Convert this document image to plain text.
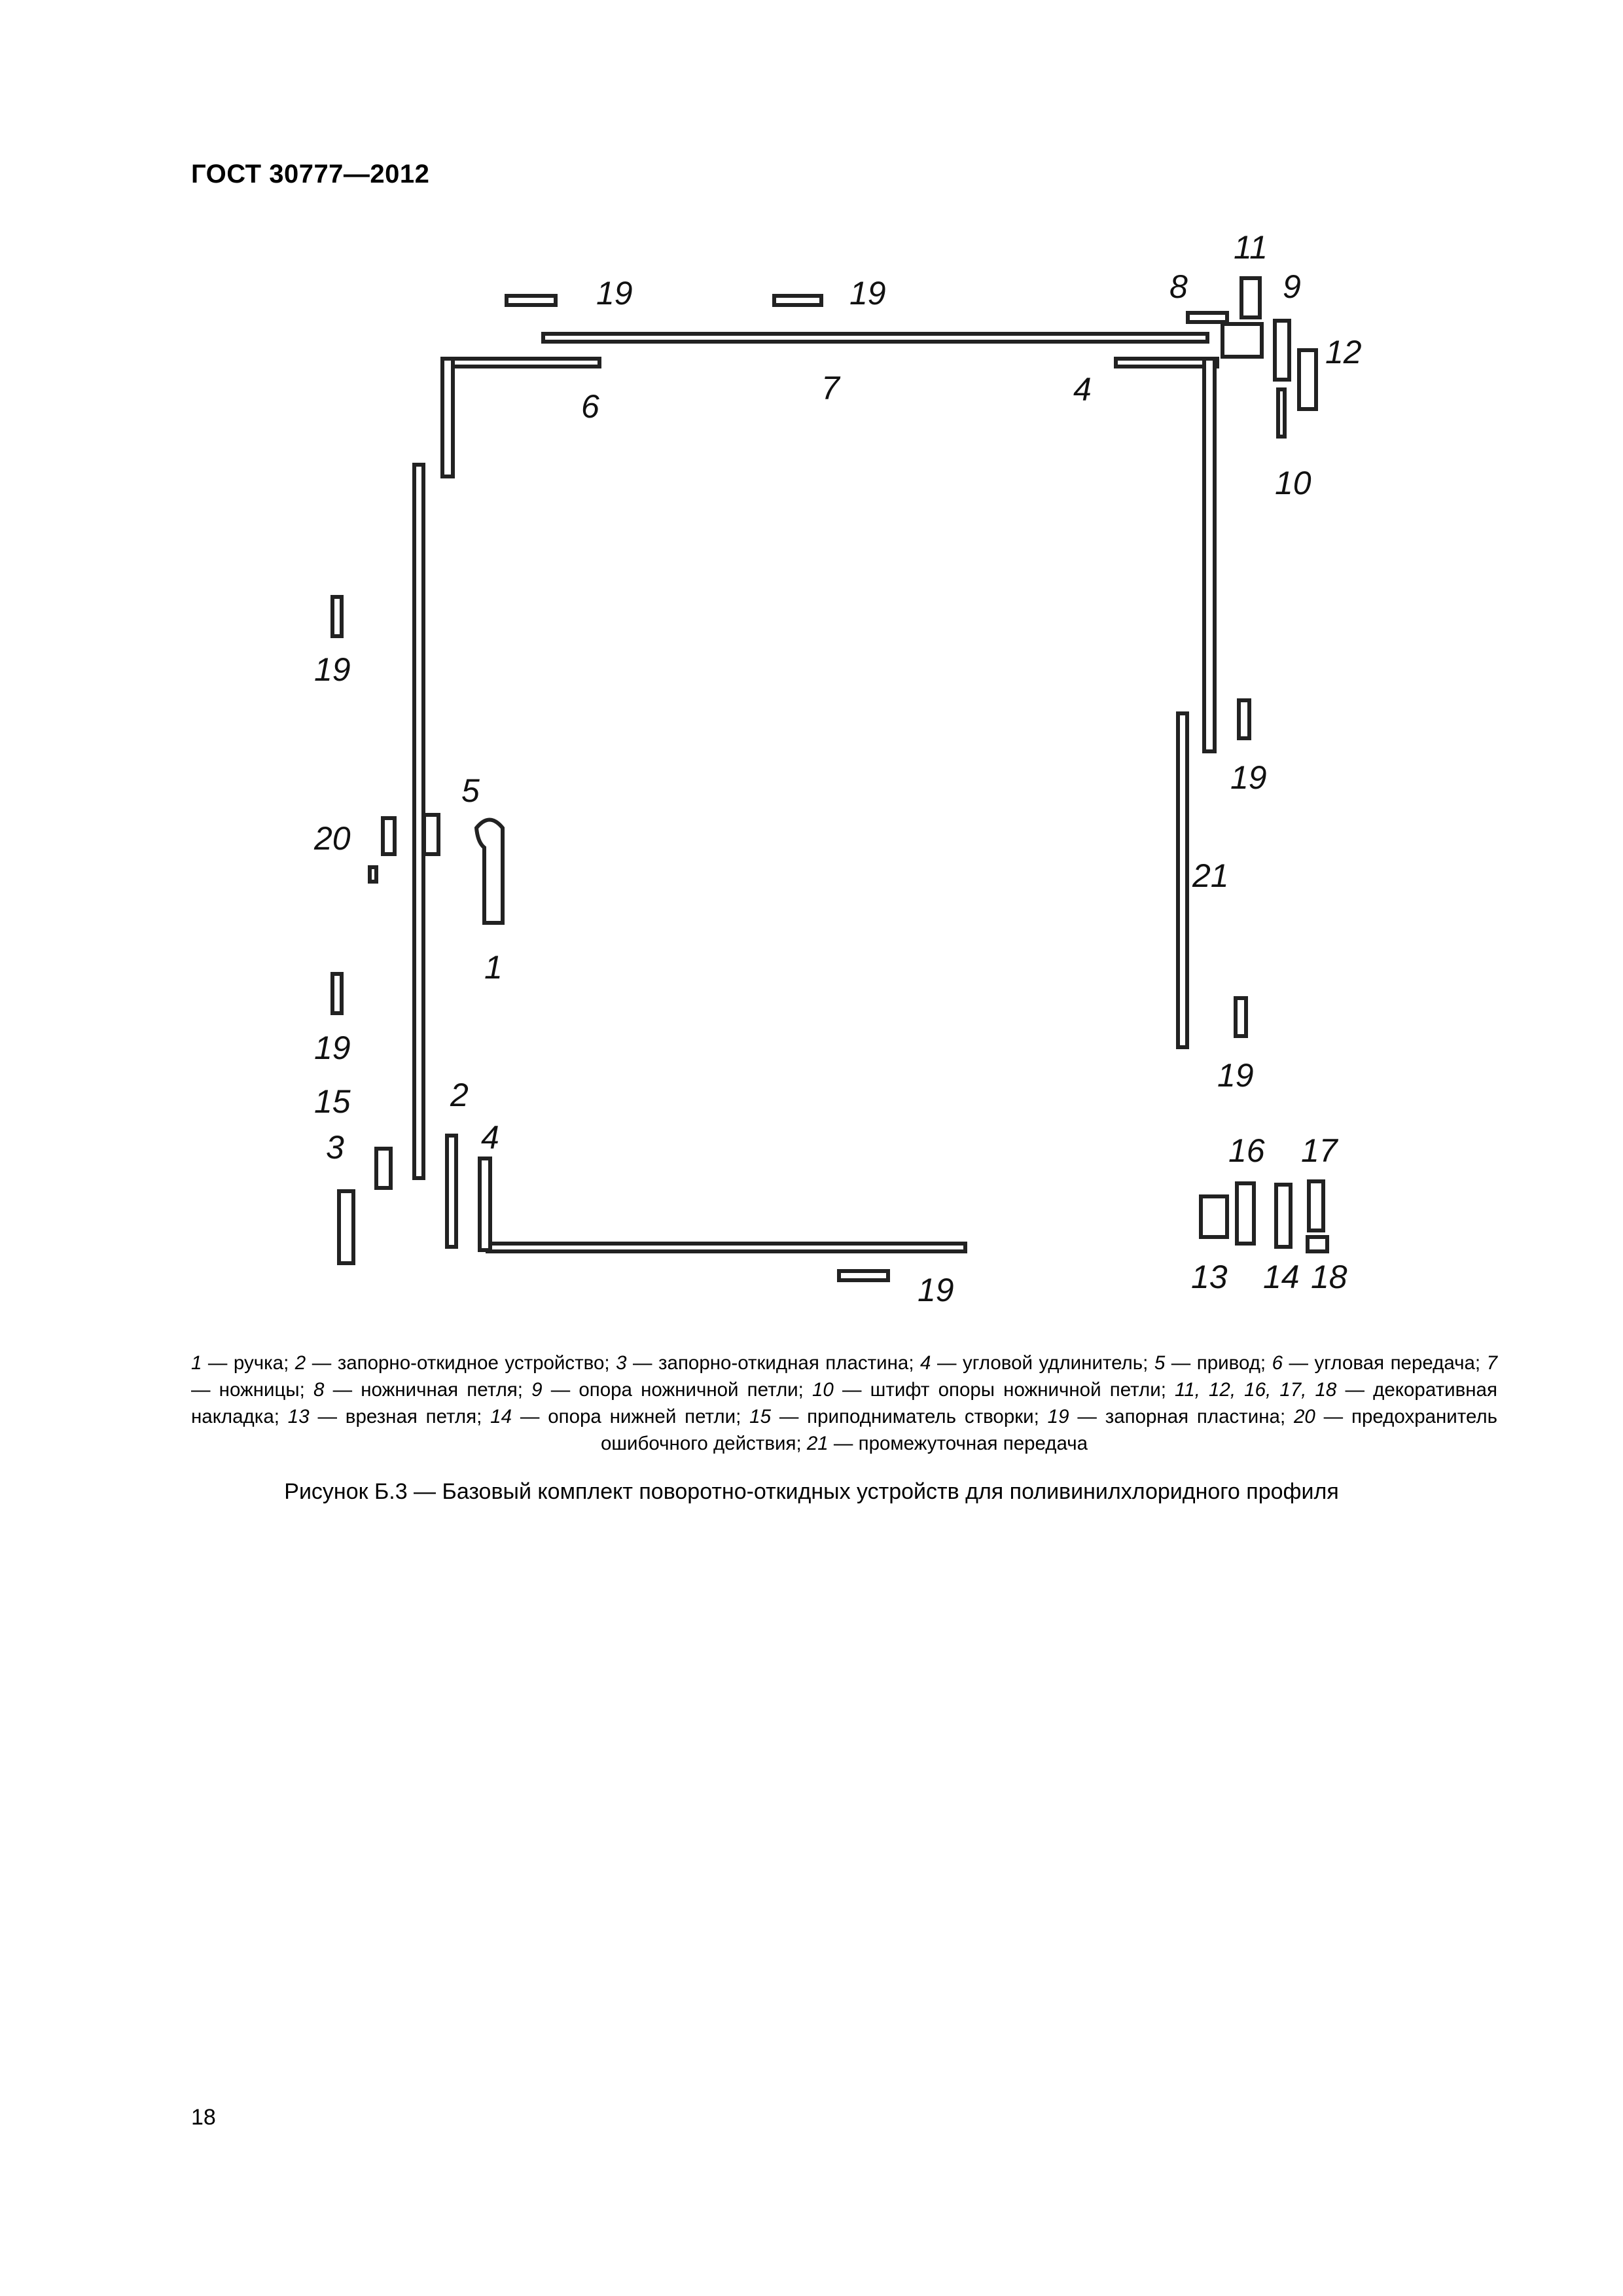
ГОСТ 30777—2012
1
2
3	4
4
5
6	7
8	9
10
11
12
13 14
15
16 17
18
19	19
19
19
19
19
19
20
21
1 — ручка; 2 — запорно-откидное устройство; 3 — запорно-откидная пластина; 4 — угловой удлинитель; 5 — привод; 6 — угловая передача; 7 — ножницы; 8 — ножничная петля; 9 — опора ножничной петли; 10 — штифт опоры ножничной петли; 11, 12, 16, 17, 18 — декоративная накладка; 13 — врезная петля; 14 — опора нижней петли; 15 — приподниматель створки; 19 — запорная пластина; 20 — предохранитель ошибочного действия; 21 — промежуточная передача
Рисунок Б.3 — Базовый комплект поворотно-откидных устройств для поливинилхлоридного профиля
18
